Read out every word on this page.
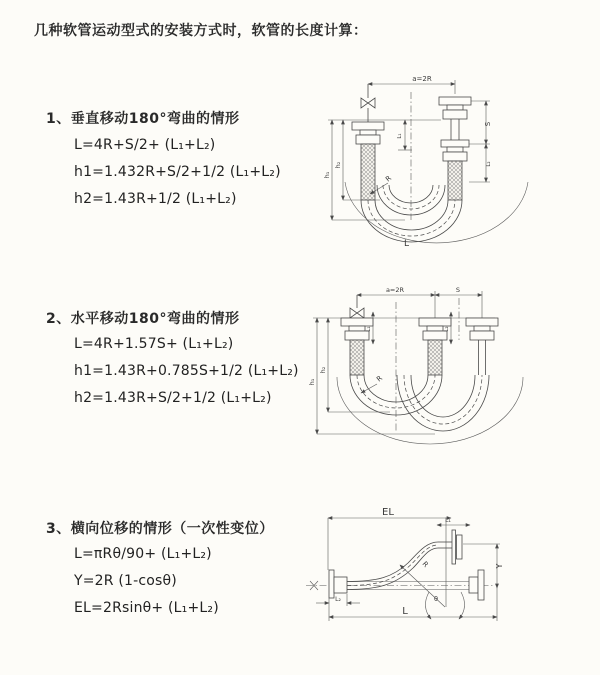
几种软管运动型式的安装方式时，软管的长度计算：
1、垂直移动180°弯曲的情形
L=4R+S/2+ (L₁+L₂)
h1=1.432R+S/2+1/2 (L₁+L₂)
h2=1.43R+1/2 (L₁+L₂)
a=2R
L
R
h₁
h₂
L₁
S
L₂
2、水平移动180°弯曲的情形
L=4R+1.57S+ (L₁+L₂)
h1=1.43R+0.785S+1/2 (L₁+L₂)
h2=1.43R+S/2+1/2 (L₁+L₂)
a=2R	S
R
h₁
h₂
L₁	L₂
3、横向位移的情形（一次性变位）
L=πRθ/90+ (L₁+L₂)
Y=2R (1-cosθ)
EL=2Rsinθ+ (L₁+L₂)
EL
L₁
R
θ
Y
L₂
L
